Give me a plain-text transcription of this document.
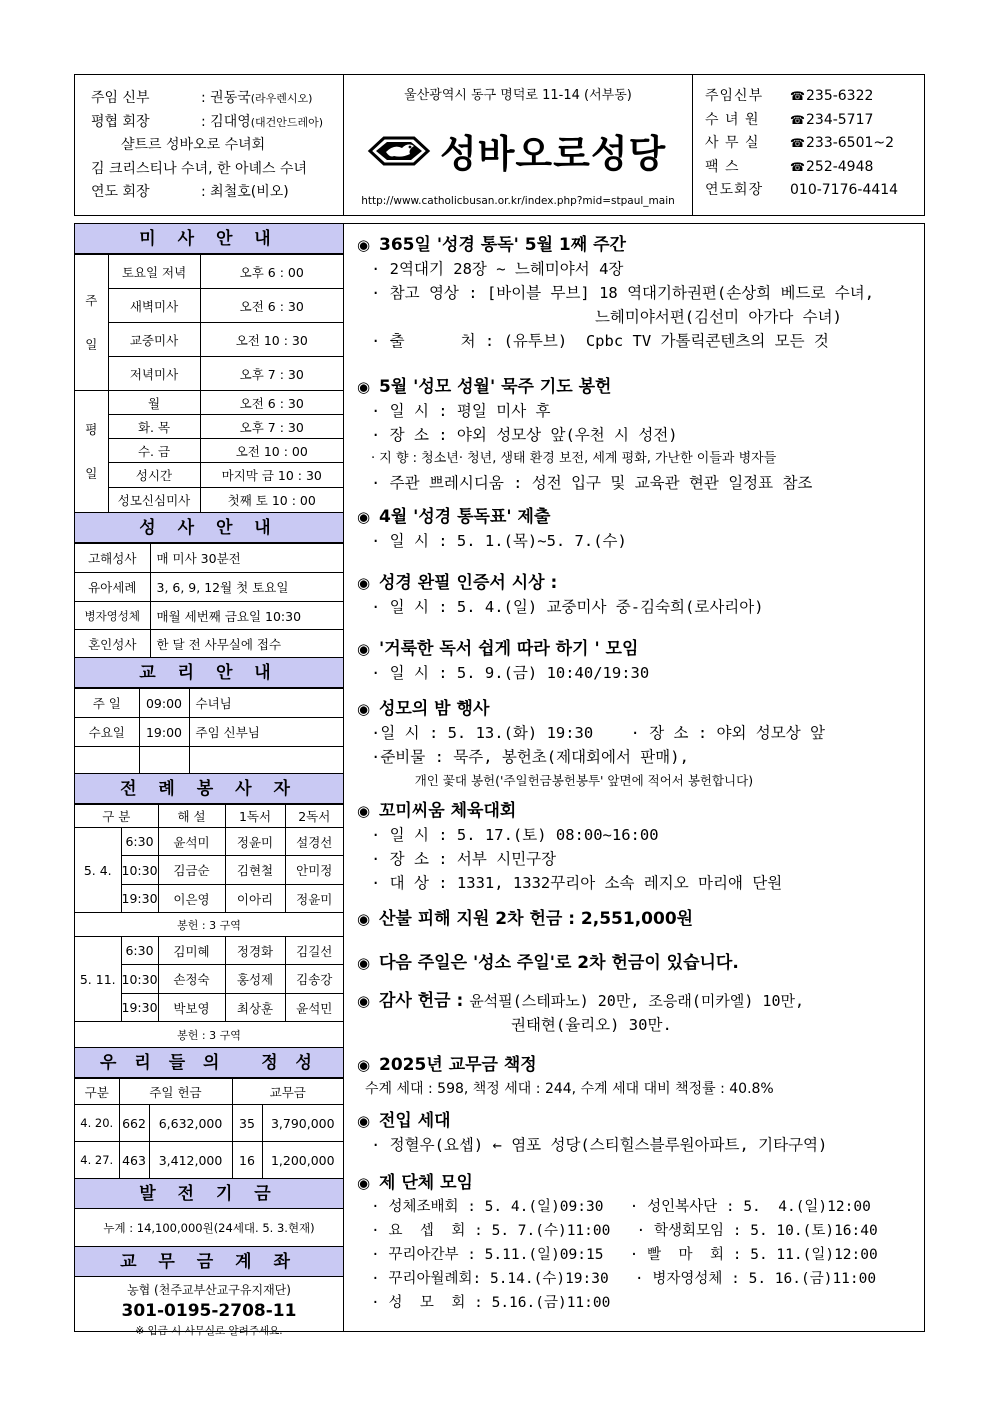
주임 신부	: 권동국(라우렌시오)
평협 회장	: 김대영(대건안드레아)
샬트르 성바오로 수녀회
김 크리스티나 수녀, 한 아녜스 수녀
연도 회장	: 최철호(비오)
울산광역시 동구 명덕로 11-14 (서부동)
성바오로성당
http://www.catholicbusan.or.kr/index.php?mid=stpaul_main
주임신부	☎ 235-6322
수 녀 원	☎ 234-5717
사 무 실	☎ 233-6501~2
팩 스	☎ 252-4948
연도회장	010-7176-4414
미 사 안 내
주
일	토요일 저녁	오후 6 : 00
	새벽미사	오전 6 : 30
	교중미사	오전 10 : 30
	저녁미사	오후 7 : 30
평
일	월	오전 6 : 30
	화. 목	오후 7 : 30
	수. 금	오전 10 : 00
	성시간	마지막 금 10 : 30
	성모신심미사	첫째 토 10 : 00
성 사 안 내
고해성사	매 미사 30분전
유아세례	3, 6, 9, 12월 첫 토요일
병자영성체	매월 세번째 금요일 10:30
혼인성사	한 달 전 사무실에 접수
교 리 안 내
주 일	09:00	수녀님
수요일	19:00	주임 신부님

전 례 봉 사 자
구 분		해 설	1독서	2독서
5. 4.	6:30	윤석미	정윤미	설경선
	10:30	김금순	김현철	안미정
	19:30	이은영	이아리	정윤미
봉헌 : 3 구역				
5. 11.	6:30	김미혜	정경화	김길선
	10:30	손정숙	홍성제	김송강
	19:30	박보영	최상훈	윤석민
봉헌 : 3 구역				
우 리 들 의   정 성
구분	주일 헌금		교무금	
4. 20.	662	6,632,000	35	3,790,000
4. 27.	463	3,412,000	16	1,200,000
발 전 기 금
누계 : 14,100,000원(24세대. 5. 3.현재)
교 무 금 계 좌
농협 (천주교부산교구유지재단)
301-0195-2708-11
※ 입금 시 사무실로 알려주세요.
◉ 365일 '성경 통독' 5월 1째 주간
· 2역대기 28장 ~ 느헤미야서 4장
· 참고 영상 : [바이블 무브] 18 역대기하권편(손상희 베드로 수녀,
느헤미야서편(김선미 아가다 수녀)
· 출      처 : (유투브)  Cpbc TV 가톨릭콘텐츠의 모든 것
◉ 5월 '성모 성월' 묵주 기도 봉헌
· 일 시 : 평일 미사 후
· 장 소 : 야외 성모상 앞(우천 시 성전)
· 지 향 : 청소년· 청년, 생태 환경 보전, 세계 평화, 가난한 이들과 병자들
· 주관 쁘레시디움 : 성전 입구 및 교육관 현관 일정표 참조
◉ 4월 '성경 통독표' 제출
· 일 시 : 5. 1.(목)~5. 7.(수)
◉ 성경 완필 인증서 시상 :
· 일 시 : 5. 4.(일) 교중미사 중-김숙희(로사리아)
◉ '거룩한 독서 쉽게 따라 하기 ' 모임
· 일 시 : 5. 9.(금) 10:40/19:30
◉ 성모의 밤 행사
·일 시 : 5. 13.(화) 19:30    · 장 소 : 야외 성모상 앞
·준비물 : 묵주, 봉헌초(제대회에서 판매),
개인 꽃대 봉헌('주일헌금봉헌봉투' 앞면에 적어서 봉헌합니다)
◉ 꼬미씨움 체육대회
· 일 시 : 5. 17.(토) 08:00~16:00
· 장 소 : 서부 시민구장
· 대 상 : 1331, 1332꾸리아 소속 레지오 마리애 단원
◉ 산불 피해 지원 2차 헌금 : 2,551,000원
◉ 다음 주일은 '성소 주일'로 2차 헌금이 있습니다.
◉ 감사 헌금 : 윤석필(스테파노) 20만, 조응래(미카엘) 10만,
권태현(율리오) 30만.
◉ 2025년 교무금 책정
수계 세대 : 598, 책정 세대 : 244, 수계 세대 대비 책정률 : 40.8%
◉ 전입 세대
· 정혈우(요셉) ← 염포 성당(스티힐스블루원아파트, 기타구역)
◉ 제 단체 모임
· 성체조배회 : 5. 4.(일)09:30   · 성인복사단 : 5.  4.(일)12:00
· 요  셉  회 : 5. 7.(수)11:00   · 학생회모임 : 5. 10.(토)16:40
· 꾸리아간부 : 5.11.(일)09:15   · 빨  마  회 : 5. 11.(일)12:00
· 꾸리아월례회: 5.14.(수)19:30   · 병자영성체 : 5. 16.(금)11:00
· 성  모  회 : 5.16.(금)11:00
